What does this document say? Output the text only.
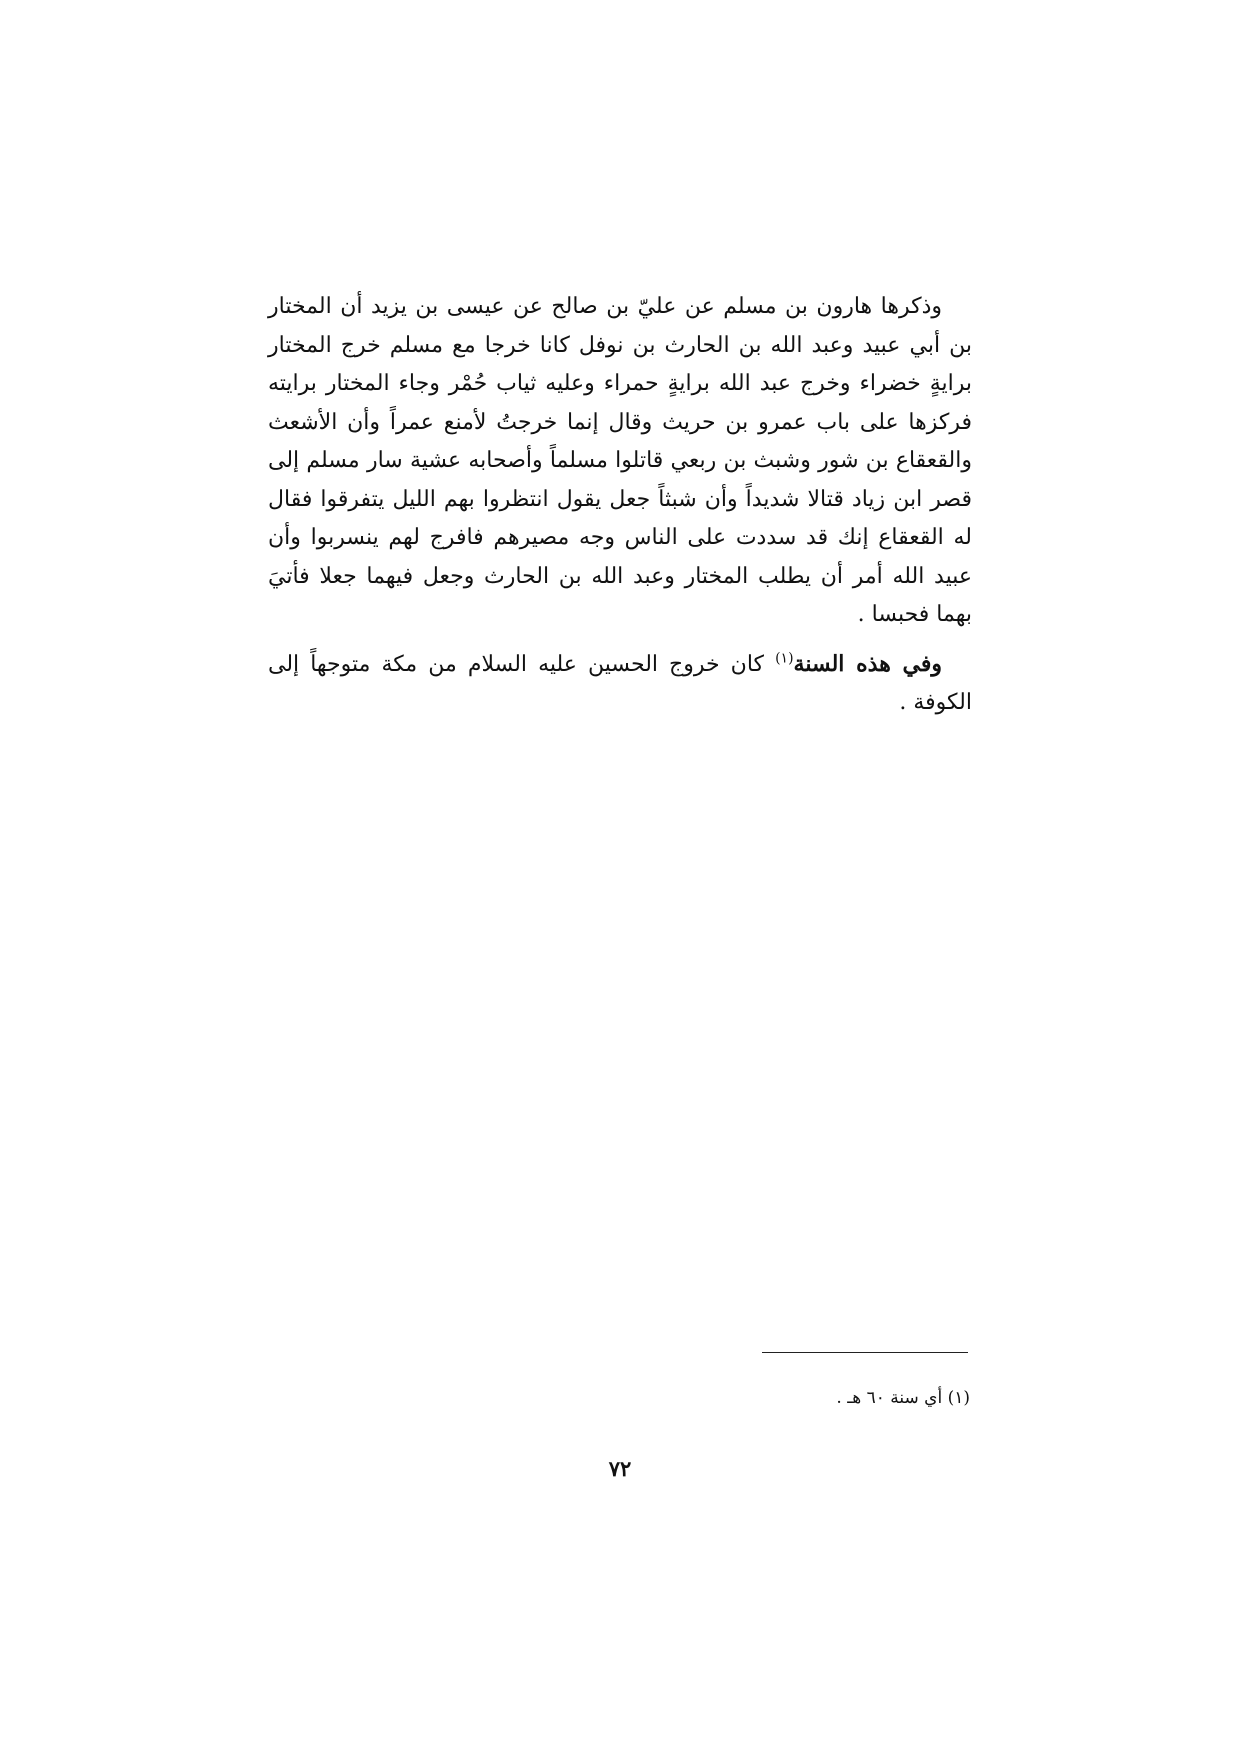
وذكرها هارون بن مسلم عن عليّ بن صالح عن عيسى بن يزيد أن المختار بن أبي عبيد وعبد الله بن الحارث بن نوفل كانا خرجا مع مسلم خرج المختار برايةٍ خضراء وخرج عبد الله برايةٍ حمراء وعليه ثياب حُمْر وجاء المختار برايته فركزها على باب عمرو بن حريث وقال إنما خرجتُ لأمنع عمراً وأن الأشعث والقعقاع بن شور وشبث بن ربعي قاتلوا مسلماً وأصحابه عشية سار مسلم إلى قصر ابن زياد قتالا شديداً وأن شبثاً جعل يقول انتظروا بهم الليل يتفرقوا فقال له القعقاع إنك قد سددت على الناس وجه مصيرهم فافرج لهم ينسربوا وأن عبيد الله أمر أن يطلب المختار وعبد الله بن الحارث وجعل فيهما جعلا فأتيَ بهما فحبسا .

وفي هذه السنة$^{(١)}$ كان خروج الحسين عليه السلام من مكة متوجهاً إلى الكوفة .

(١) أي سنة ٦٠ هـ .
٧٢
